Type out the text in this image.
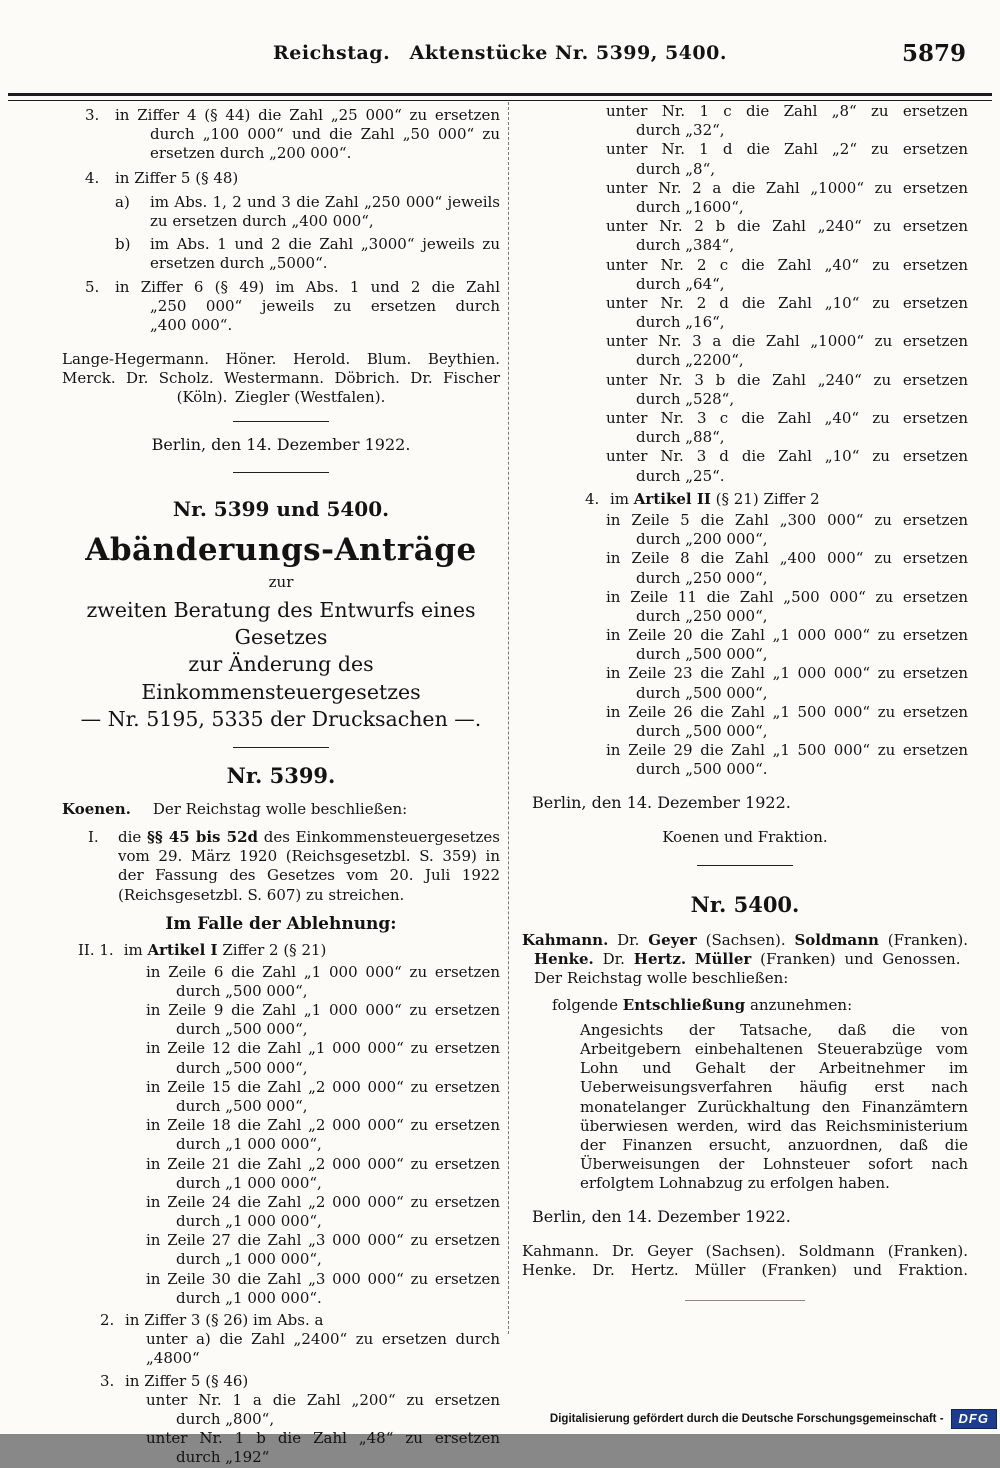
Reichstag. Aktenstücke Nr. 5399, 5400.	5879
3. in Ziffer 4 (§ 44) die Zahl „25 000“ zu ersetzen durch „100 000“ und die Zahl „50 000“ zu ersetzen durch „200 000“.
4. in Ziffer 5 (§ 48)
a) im Abs. 1, 2 und 3 die Zahl „250 000“ jeweils zu ersetzen durch „400 000“,
b) im Abs. 1 und 2 die Zahl „3000“ jeweils zu ersetzen durch „5000“.
5. in Ziffer 6 (§ 49) im Abs. 1 und 2 die Zahl „250 000“ jeweils zu ersetzen durch „400 000“.
Lange-Hegermann. Höner. Herold. Blum. Beythien.
Merck. Dr. Scholz. Westermann. Döbrich. Dr. Fischer
(Köln). Ziegler (Westfalen).
Berlin, den 14. Dezember 1922.
Nr. 5399 und 5400.
Abänderungs-Anträge
zur
zweiten Beratung des Entwurfs eines Gesetzes
zur Änderung des Einkommensteuergesetzes
— Nr. 5195, 5335 der Drucksachen —.
Nr. 5399.

Koenen. Der Reichstag wolle beschließen:

I. die §§ 45 bis 52d des Einkommensteuergesetzes vom 29. März 1920 (Reichsgesetzbl. S. 359) in der Fassung des Gesetzes vom 20. Juli 1922 (Reichsgesetzbl. S. 607) zu streichen.
Im Falle der Ablehnung:
II. 1. im Artikel I Ziffer 2 (§ 21)
in Zeile 6 die Zahl „1 000 000“ zu ersetzen
durch „500 000“,
in Zeile 9 die Zahl „1 000 000“ zu ersetzen
durch „500 000“,
in Zeile 12 die Zahl „1 000 000“ zu ersetzen
durch „500 000“,
in Zeile 15 die Zahl „2 000 000“ zu ersetzen
durch „500 000“,
in Zeile 18 die Zahl „2 000 000“ zu ersetzen
durch „1 000 000“,
in Zeile 21 die Zahl „2 000 000“ zu ersetzen
durch „1 000 000“,
in Zeile 24 die Zahl „2 000 000“ zu ersetzen
durch „1 000 000“,
in Zeile 27 die Zahl „3 000 000“ zu ersetzen
durch „1 000 000“,
in Zeile 30 die Zahl „3 000 000“ zu ersetzen
durch „1 000 000“.
2. in Ziffer 3 (§ 26) im Abs. a
unter a) die Zahl „2400“ zu ersetzen durch „4800“
3. in Ziffer 5 (§ 46)
unter Nr. 1 a die Zahl „200“ zu ersetzen
durch „800“,
unter Nr. 1 b die Zahl „48“ zu ersetzen
durch „192“
unter Nr. 1 c die Zahl „8“ zu ersetzen
durch „32“,
unter Nr. 1 d die Zahl „2“ zu ersetzen
durch „8“,
unter Nr. 2 a die Zahl „1000“ zu ersetzen
durch „1600“,
unter Nr. 2 b die Zahl „240“ zu ersetzen
durch „384“,
unter Nr. 2 c die Zahl „40“ zu ersetzen
durch „64“,
unter Nr. 2 d die Zahl „10“ zu ersetzen
durch „16“,
unter Nr. 3 a die Zahl „1000“ zu ersetzen
durch „2200“,
unter Nr. 3 b die Zahl „240“ zu ersetzen
durch „528“,
unter Nr. 3 c die Zahl „40“ zu ersetzen
durch „88“,
unter Nr. 3 d die Zahl „10“ zu ersetzen
durch „25“.
4. im Artikel II (§ 21) Ziffer 2
in Zeile 5 die Zahl „300 000“ zu ersetzen
durch „200 000“,
in Zeile 8 die Zahl „400 000“ zu ersetzen
durch „250 000“,
in Zeile 11 die Zahl „500 000“ zu ersetzen
durch „250 000“,
in Zeile 20 die Zahl „1 000 000“ zu ersetzen
durch „500 000“,
in Zeile 23 die Zahl „1 000 000“ zu ersetzen
durch „500 000“,
in Zeile 26 die Zahl „1 500 000“ zu ersetzen
durch „500 000“,
in Zeile 29 die Zahl „1 500 000“ zu ersetzen
durch „500 000“.
Berlin, den 14. Dezember 1922.
Koenen und Fraktion.
Nr. 5400.

Kahmann. Dr. Geyer (Sachsen). Soldmann (Franken). Henke. Dr. Hertz. Müller (Franken) und Genossen. Der Reichstag wolle beschließen:

folgende Entschließung anzunehmen:

Angesichts der Tatsache, daß die von Arbeitgebern einbehaltenen Steuerabzüge vom Lohn und Gehalt der Arbeitnehmer im Ueberweisungsverfahren häufig erst nach monatelanger Zurückhaltung den Finanzämtern überwiesen werden, wird das Reichsministerium der Finanzen ersucht, anzuordnen, daß die Überweisungen der Lohnsteuer sofort nach erfolgtem Lohnabzug zu erfolgen haben.

Berlin, den 14. Dezember 1922.
Kahmann. Dr. Geyer (Sachsen). Soldmann (Franken).
Henke. Dr. Hertz. Müller (Franken) und Fraktion.
Digitalisierung gefördert durch die Deutsche Forschungsgemeinschaft -	DFG
